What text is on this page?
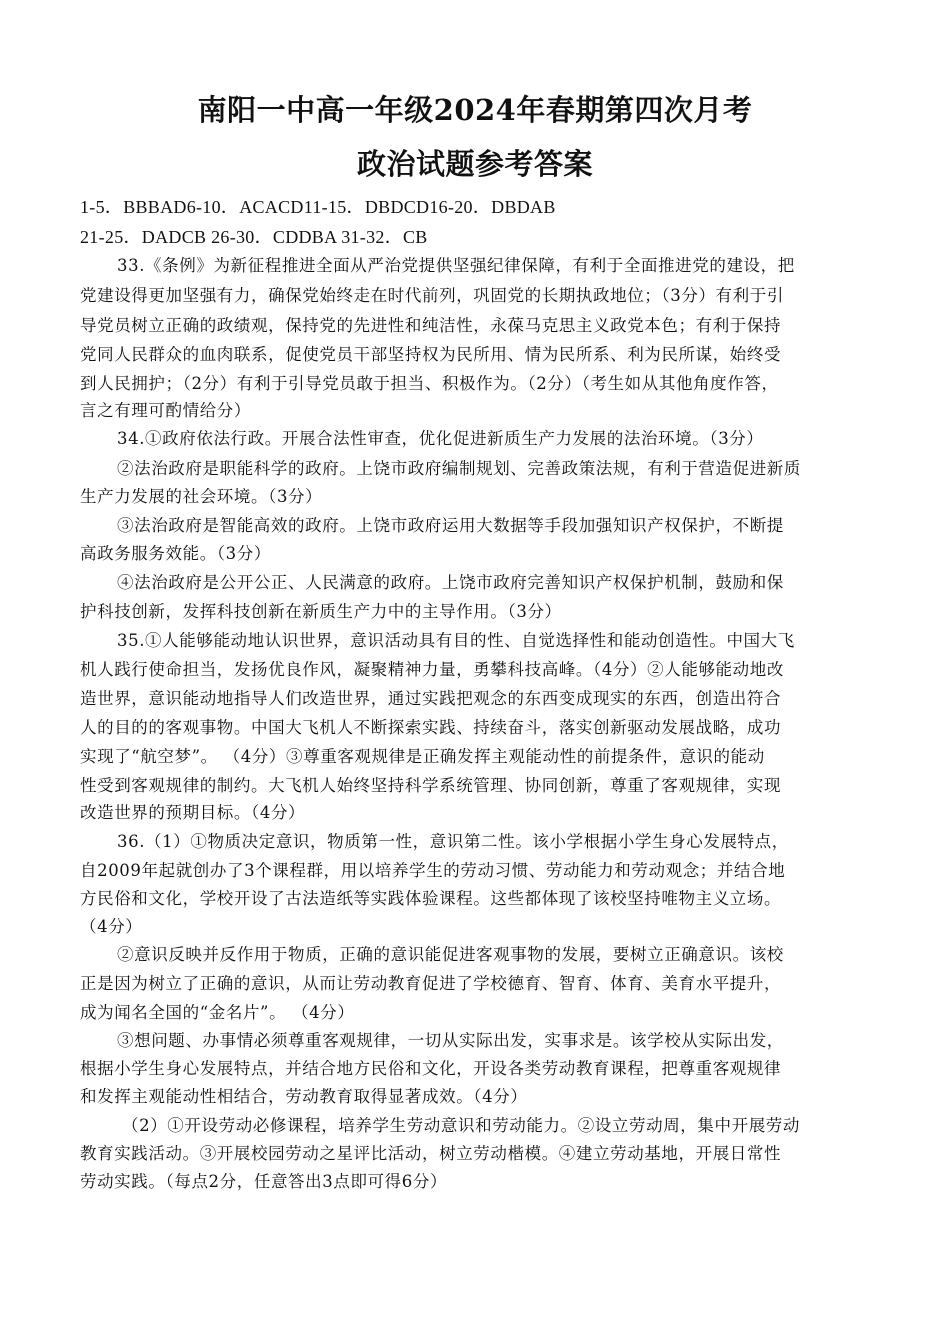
南阳一中高一年级2024年春期第四次月考
政治试题参考答案
1-5．BBBAD6-10．ACACD11-15．DBDCD16-20．DBDAB
21-25．DADCB 26-30．CDDBA 31-32．CB
33.《条例》为新征程推进全面从严治党提供坚强纪律保障，有利于全面推进党的建设，把
党建设得更加坚强有力，确保党始终走在时代前列，巩固党的长期执政地位；（3分）有利于引
导党员树立正确的政绩观，保持党的先进性和纯洁性，永葆马克思主义政党本色；有利于保持
党同人民群众的血肉联系，促使党员干部坚持权为民所用、情为民所系、利为民所谋，始终受
到人民拥护；（2分）有利于引导党员敢于担当、积极作为。（2分）（考生如从其他角度作答，
言之有理可酌情给分）
34.①政府依法行政。开展合法性审查，优化促进新质生产力发展的法治环境。（3分）
②法治政府是职能科学的政府。上饶市政府编制规划、完善政策法规，有利于营造促进新质
生产力发展的社会环境。（3分）
③法治政府是智能高效的政府。上饶市政府运用大数据等手段加强知识产权保护，不断提
高政务服务效能。（3分）
④法治政府是公开公正、人民满意的政府。上饶市政府完善知识产权保护机制，鼓励和保
护科技创新，发挥科技创新在新质生产力中的主导作用。（3分）
35.①人能够能动地认识世界，意识活动具有目的性、自觉选择性和能动创造性。中国大飞
机人践行使命担当，发扬优良作风，凝聚精神力量，勇攀科技高峰。（4分）②人能够能动地改
造世界，意识能动地指导人们改造世界，通过实践把观念的东西变成现实的东西，创造出符合
人的目的的客观事物。中国大飞机人不断探索实践、持续奋斗，落实创新驱动发展战略，成功
实现了“航空梦”。 （4分）③尊重客观规律是正确发挥主观能动性的前提条件，意识的能动
性受到客观规律的制约。大飞机人始终坚持科学系统管理、协同创新，尊重了客观规律，实现
改造世界的预期目标。（4分）
36.（1）①物质决定意识，物质第一性，意识第二性。该小学根据小学生身心发展特点，
自2009年起就创办了3个课程群，用以培养学生的劳动习惯、劳动能力和劳动观念；并结合地
方民俗和文化，学校开设了古法造纸等实践体验课程。这些都体现了该校坚持唯物主义立场。
（4分）
②意识反映并反作用于物质，正确的意识能促进客观事物的发展，要树立正确意识。该校
正是因为树立了正确的意识，从而让劳动教育促进了学校德育、智育、体育、美育水平提升，
成为闻名全国的“金名片”。 （4分）
③想问题、办事情必须尊重客观规律，一切从实际出发，实事求是。该学校从实际出发，
根据小学生身心发展特点，并结合地方民俗和文化，开设各类劳动教育课程，把尊重客观规律
和发挥主观能动性相结合，劳动教育取得显著成效。（4分）
（2）①开设劳动必修课程，培养学生劳动意识和劳动能力。②设立劳动周，集中开展劳动
教育实践活动。③开展校园劳动之星评比活动，树立劳动楷模。④建立劳动基地，开展日常性
劳动实践。（每点2分，任意答出3点即可得6分）
